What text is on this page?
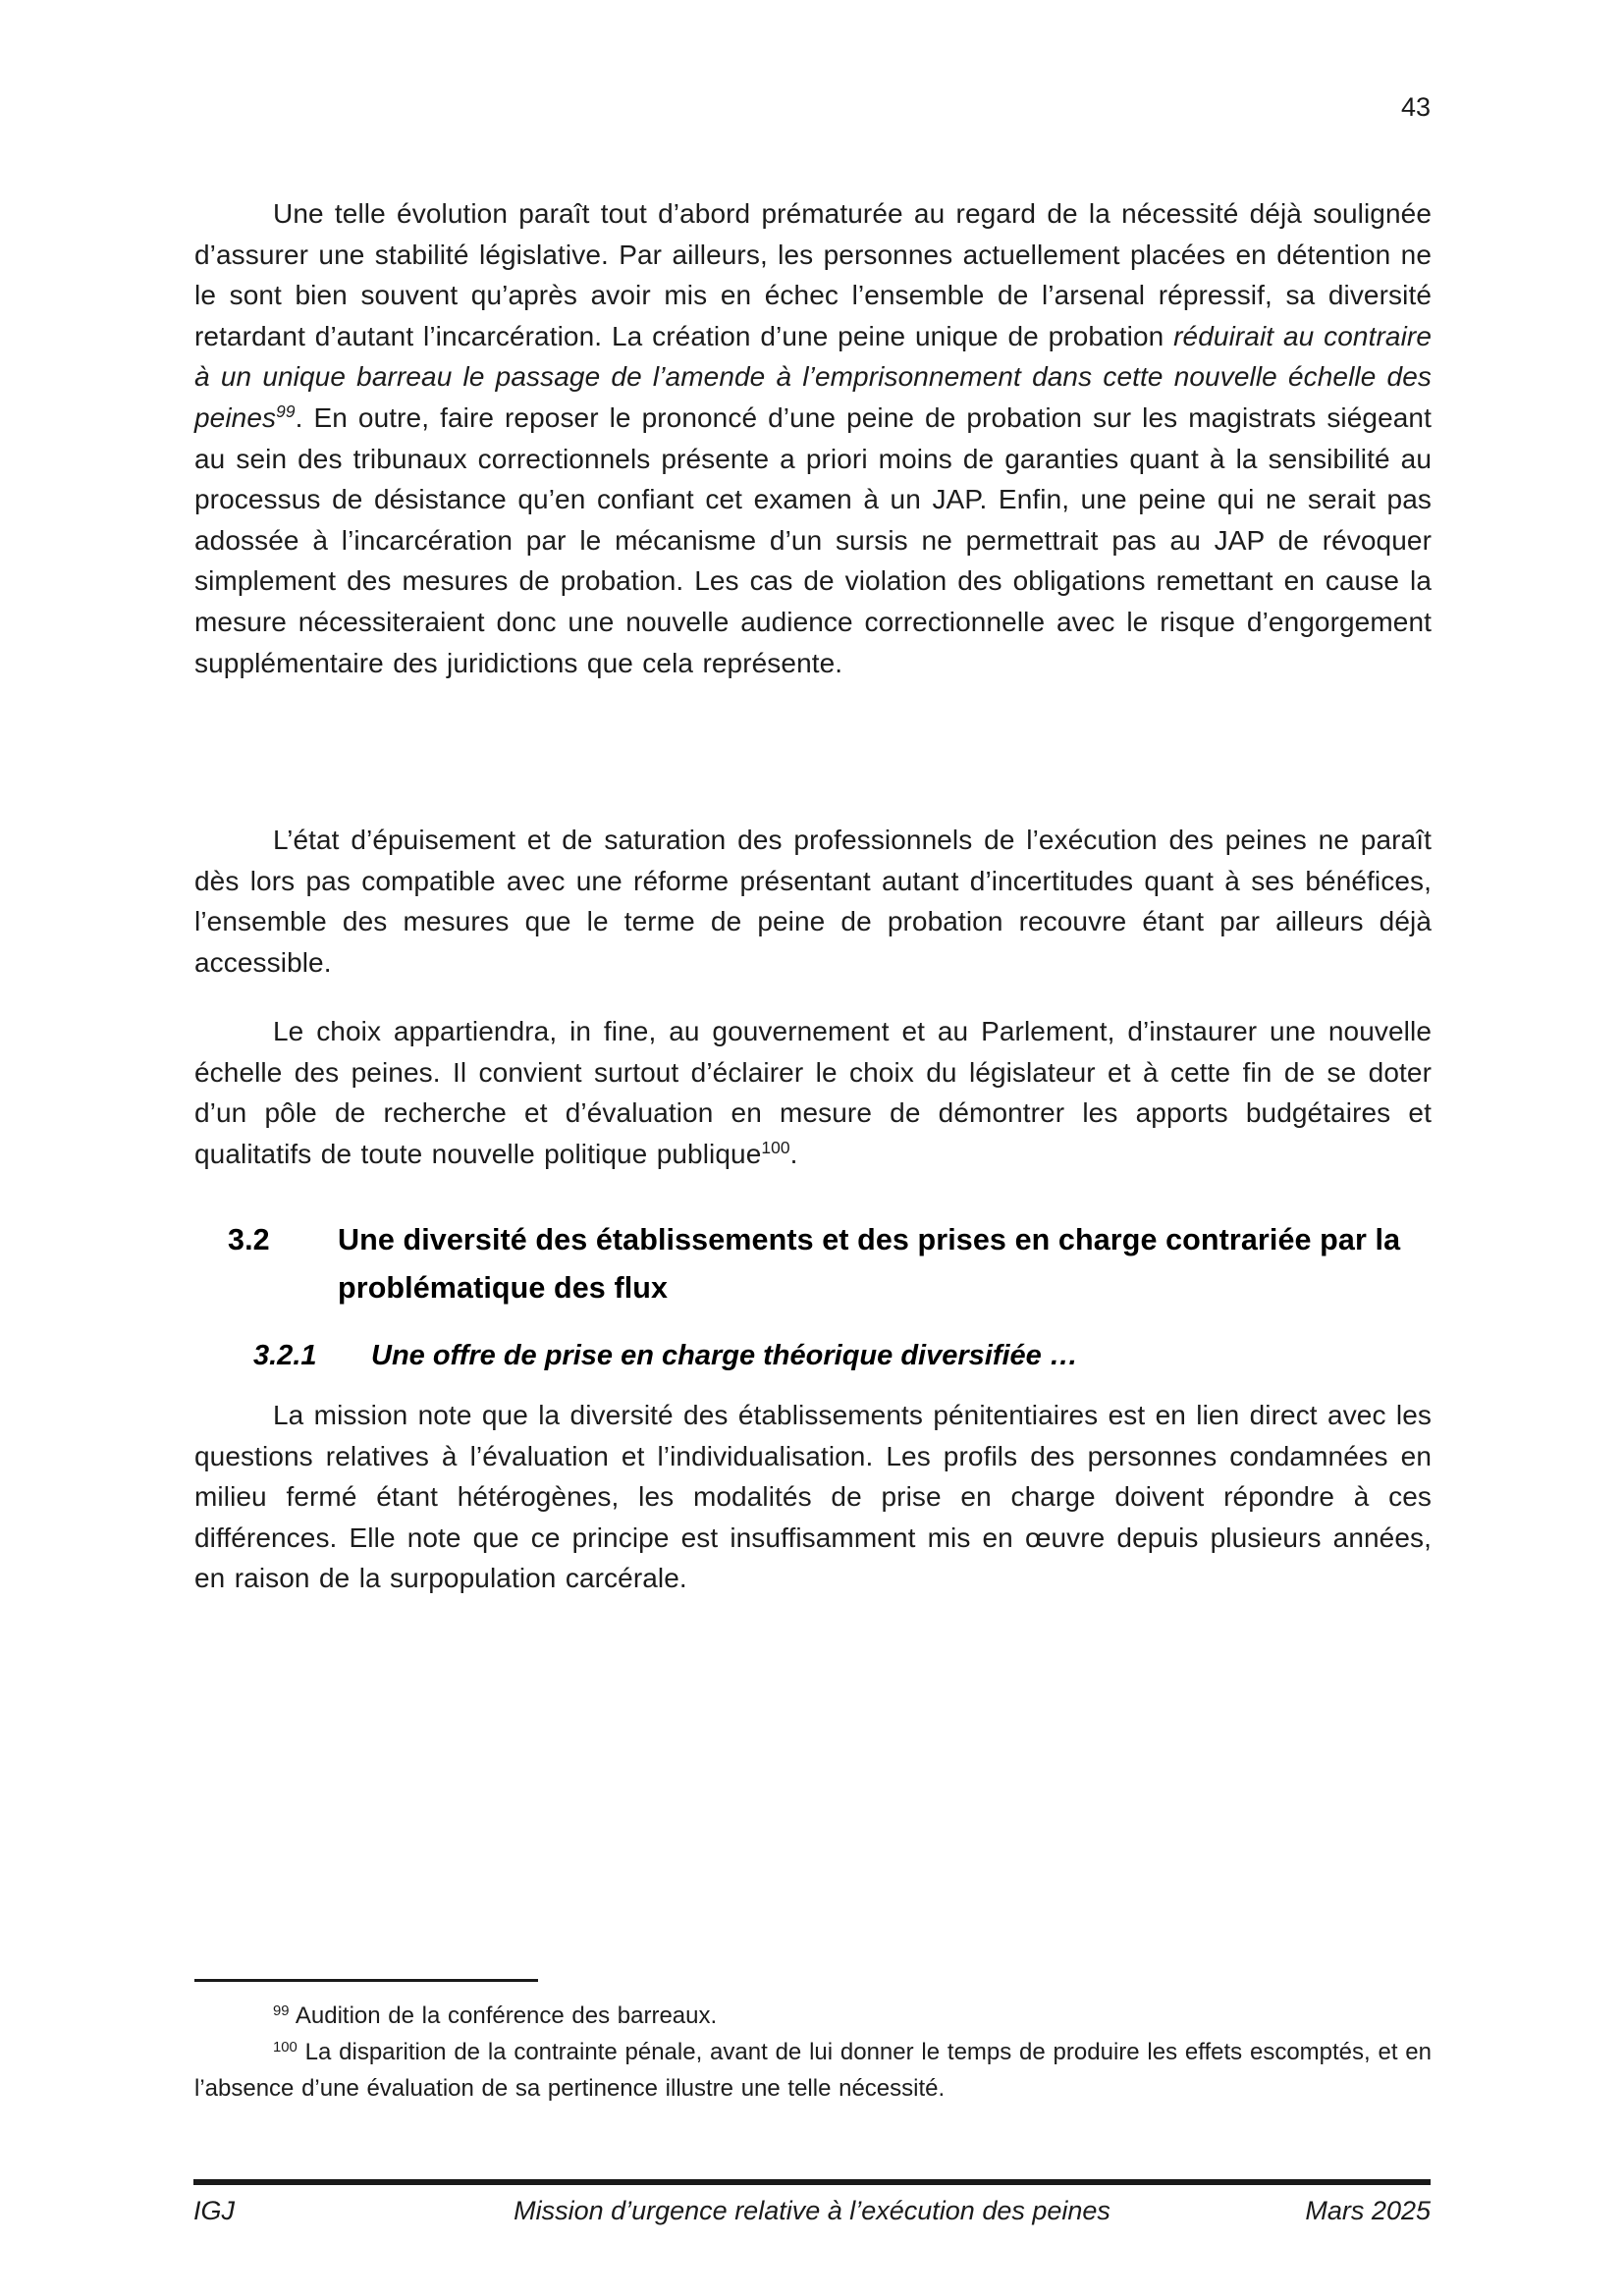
43

Une telle évolution paraît tout d’abord prématurée au regard de la nécessité déjà soulignée d’assurer une stabilité législative. Par ailleurs, les personnes actuellement placées en détention ne le sont bien souvent qu’après avoir mis en échec l’ensemble de l’arsenal répressif, sa diversité retardant d’autant l’incarcération. La création d’une peine unique de probation réduirait au contraire à un unique barreau le passage de l’amende à l’emprisonnement dans cette nouvelle échelle des peines$^{99}$. En outre, faire reposer le prononcé d’une peine de probation sur les magistrats siégeant au sein des tribunaux correctionnels présente a priori moins de garanties quant à la sensibilité au processus de désistance qu’en confiant cet examen à un JAP. Enfin, une peine qui ne serait pas adossée à l’incarcération par le mécanisme d’un sursis ne permettrait pas au JAP de révoquer simplement des mesures de probation. Les cas de violation des obligations remettant en cause la mesure nécessiteraient donc une nouvelle audience correctionnelle avec le risque d’engorgement supplémentaire des juridictions que cela représente.

L’état d’épuisement et de saturation des professionnels de l’exécution des peines ne paraît dès lors pas compatible avec une réforme présentant autant d’incertitudes quant à ses bénéfices, l’ensemble des mesures que le terme de peine de probation recouvre étant par ailleurs déjà accessible.

Le choix appartiendra, in fine, au gouvernement et au Parlement, d’instaurer une nouvelle échelle des peines. Il convient surtout d’éclairer le choix du législateur et à cette fin de se doter d’un pôle de recherche et d’évaluation en mesure de démontrer les apports budgétaires et qualitatifs de toute nouvelle politique publique$^{100}$.

3.2	Une diversité des établissements et des prises en charge contrariée par la problématique des flux
3.2.1	Une offre de prise en charge théorique diversifiée …

La mission note que la diversité des établissements pénitentiaires est en lien direct avec les questions relatives à l’évaluation et l’individualisation. Les profils des personnes condamnées en milieu fermé étant hétérogènes, les modalités de prise en charge doivent répondre à ces différences. Elle note que ce principe est insuffisamment mis en œuvre depuis plusieurs années, en raison de la surpopulation carcérale.

$^{99}$ Audition de la conférence des barreaux.

$^{100}$ La disparition de la contrainte pénale, avant de lui donner le temps de produire les effets escomptés, et en l’absence d’une évaluation de sa pertinence illustre une telle nécessité.

IGJ	Mission d’urgence relative à l’exécution des peines	Mars 2025
